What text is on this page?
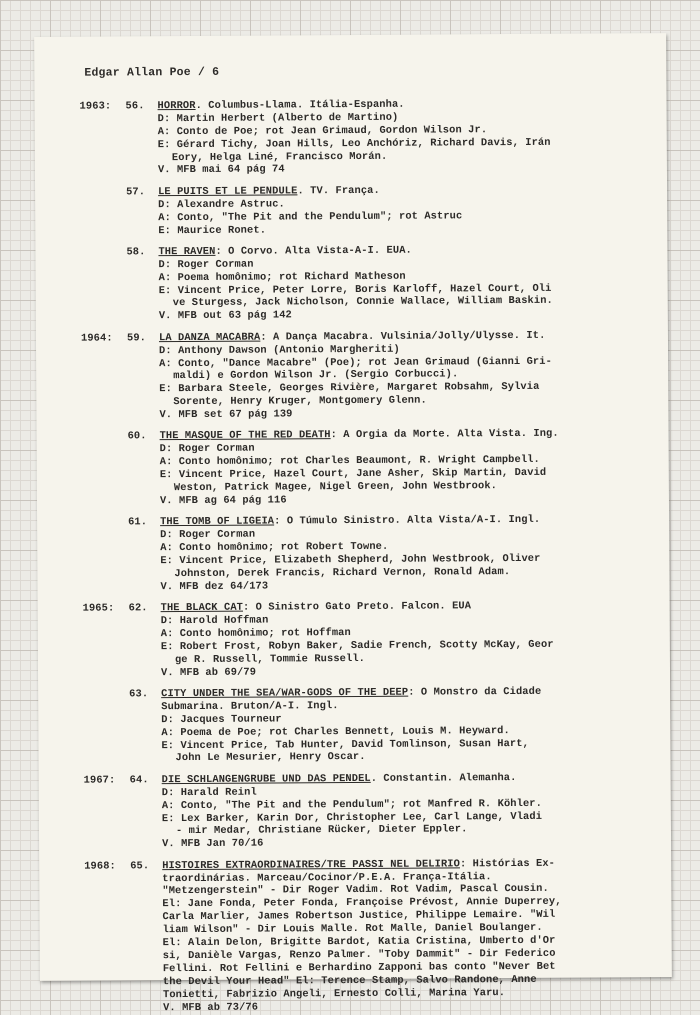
Edgar Allan Poe / 6
1963:	56.	HORROR. Columbus-Llama. Itália-Espanha.
D: Martin Herbert (Alberto de Martino)
A: Conto de Poe; rot Jean Grimaud, Gordon Wilson Jr.
E: Gérard Tichy, Joan Hills, Leo Anchóriz, Richard Davis, Irán
Eory, Helga Liné, Francisco Morán.
V. MFB mai 64 pág 74
57.	LE PUITS ET LE PENDULE. TV. França.
D: Alexandre Astruc.
A: Conto, "The Pit and the Pendulum"; rot Astruc
E: Maurice Ronet.
58.	THE RAVEN: O Corvo. Alta Vista-A-I. EUA.
D: Roger Corman
A: Poema homônimo; rot Richard Matheson
E: Vincent Price, Peter Lorre, Boris Karloff, Hazel Court, Oli
ve Sturgess, Jack Nicholson, Connie Wallace, William Baskin.
V. MFB out 63 pág 142
1964:	59.	LA DANZA MACABRA: A Dança Macabra. Vulsinia/Jolly/Ulysse. It.
D: Anthony Dawson (Antonio Margheriti)
A: Conto, "Dance Macabre" (Poe); rot Jean Grimaud (Gianni Gri-
maldi) e Gordon Wilson Jr. (Sergio Corbucci).
E: Barbara Steele, Georges Rivière, Margaret Robsahm, Sylvia
Sorente, Henry Kruger, Montgomery Glenn.
V. MFB set 67 pág 139
60.	THE MASQUE OF THE RED DEATH: A Orgia da Morte. Alta Vista. Ing.
D: Roger Corman
A: Conto homônimo; rot Charles Beaumont, R. Wright Campbell.
E: Vincent Price, Hazel Court, Jane Asher, Skip Martin, David
Weston, Patrick Magee, Nigel Green, John Westbrook.
V. MFB ag 64 pág 116
61.	THE TOMB OF LIGEIA: O Túmulo Sinistro. Alta Vista/A-I. Ingl.
D: Roger Corman
A: Conto homônimo; rot Robert Towne.
E: Vincent Price, Elizabeth Shepherd, John Westbrook, Oliver
Johnston, Derek Francis, Richard Vernon, Ronald Adam.
V. MFB dez 64/173
1965:	62.	THE BLACK CAT: O Sinistro Gato Preto. Falcon. EUA
D: Harold Hoffman
A: Conto homônimo; rot Hoffman
E: Robert Frost, Robyn Baker, Sadie French, Scotty McKay, Geor
ge R. Russell, Tommie Russell.
V. MFB ab 69/79
63.	CITY UNDER THE SEA/WAR-GODS OF THE DEEP: O Monstro da Cidade
Submarina. Bruton/A-I. Ingl.
D: Jacques Tourneur
A: Poema de Poe; rot Charles Bennett, Louis M. Heyward.
E: Vincent Price, Tab Hunter, David Tomlinson, Susan Hart,
John Le Mesurier, Henry Oscar.
1967:	64.	DIE SCHLANGENGRUBE UND DAS PENDEL. Constantin. Alemanha.
D: Harald Reinl
A: Conto, "The Pit and the Pendulum"; rot Manfred R. Köhler.
E: Lex Barker, Karin Dor, Christopher Lee, Carl Lange, Vladi
- mir Medar, Christiane Rücker, Dieter Eppler.
V. MFB Jan 70/16
1968:	65.	HISTOIRES EXTRAORDINAIRES/TRE PASSI NEL DELIRIO: Histórias Ex-
traordinárias. Marceau/Cocinor/P.E.A. França-Itália.
"Metzengerstein" - Dir Roger Vadim. Rot Vadim, Pascal Cousin.
El: Jane Fonda, Peter Fonda, Françoise Prévost, Annie Duperrey,
Carla Marlier, James Robertson Justice, Philippe Lemaire. "Wil
liam Wilson" - Dir Louis Malle. Rot Malle, Daniel Boulanger.
El: Alain Delon, Brigitte Bardot, Katia Cristina, Umberto d'Or
si, Danièle Vargas, Renzo Palmer. "Toby Dammit" - Dir Federico
Fellini. Rot Fellini e Berhardino Zapponi bas conto "Never Bet
the Devil Your Head" El: Terence Stamp, Salvo Randone, Anne
Tonietti, Fabrizio Angeli, Ernesto Colli, Marina Yaru.
V. MFB ab 73/76
